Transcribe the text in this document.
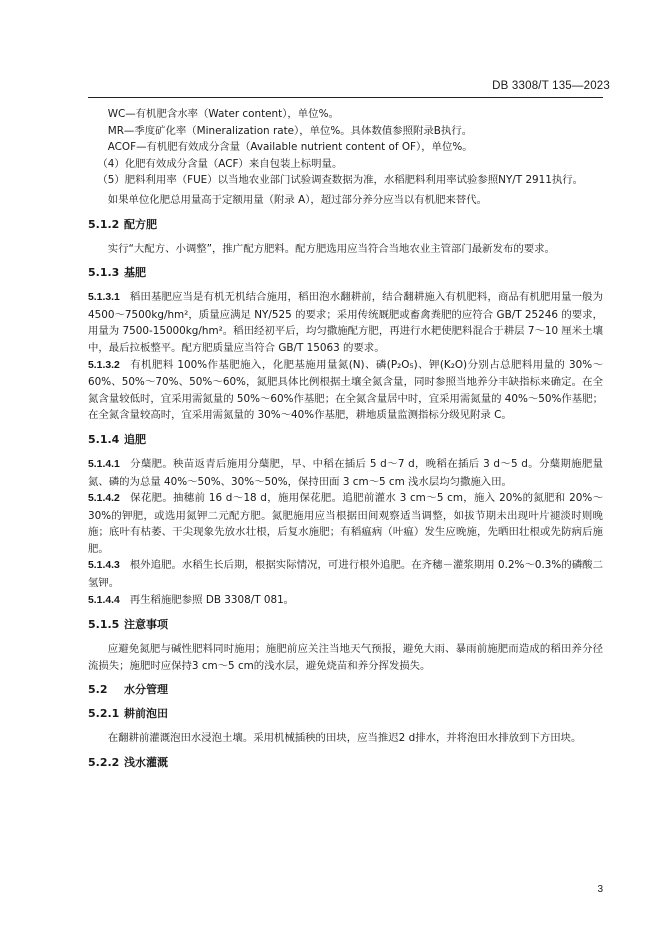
DB 3308/T 135—2023

WC—有机肥含水率（Water content），单位%。

MR—季度矿化率（Mineralization rate），单位%。具体数值参照附录B执行。

ACOF—有机肥有效成分含量（Available nutrient content of OF），单位%。

（4）化肥有效成分含量（ACF）来自包装上标明量。

（5）肥料利用率（FUE）以当地农业部门试验调查数据为准，水稻肥料利用率试验参照NY/T 2911执行。

如果单位化肥总用量高于定额用量（附录 A），超过部分养分应当以有机肥来替代。

5.1.2 配方肥

实行“大配方、小调整”，推广配方肥料。配方肥选用应当符合当地农业主管部门最新发布的要求。

5.1.3 基肥

5.1.3.1 稻田基肥应当是有机无机结合施用，稻田泡水翻耕前，结合翻耕施入有机肥料，商品有机肥用量一般为 4500～7500kg/hm²，质量应满足 NY/525 的要求；采用传统厩肥或畜禽粪肥的应符合 GB/T 25246 的要求，用量为 7500-15000kg/hm²。稻田经初平后，均匀撒施配方肥，再进行水耙使肥料混合于耕层 7～10 厘米土壤中，最后拉板整平。配方肥质量应当符合 GB/T 15063 的要求。

5.1.3.2 有机肥料 100%作基肥施入，化肥基施用量氮(N)、磷(P₂O₅)、钾(K₂O)分别占总肥料用量的 30%～60%、50%～70%、50%～60%，氮肥具体比例根据土壤全氮含量，同时参照当地养分丰缺指标来确定。在全氮含量较低时，宜采用需氮量的 50%～60%作基肥；在全氮含量居中时，宜采用需氮量的 40%～50%作基肥；在全氮含量较高时，宜采用需氮量的 30%～40%作基肥，耕地质量监测指标分级见附录 C。

5.1.4 追肥

5.1.4.1 分蘖肥。秧苗返青后施用分蘖肥，早、中稻在插后 5 d～7 d，晚稻在插后 3 d～5 d。分蘖期施肥量氮、磷的为总量 40%～50%、30%～50%，保持田面 3 cm～5 cm 浅水层均匀撒施入田。

5.1.4.2 保花肥。抽穗前 16 d～18 d，施用保花肥。追肥前灌水 3 cm～5 cm，施入 20%的氮肥和 20%～30%的钾肥，或选用氮钾二元配方肥。氮肥施用应当根据田间观察适当调整，如拔节期未出现叶片褪淡时则晚施；底叶有枯萎、干尖现象先放水壮根，后复水施肥；有稻瘟病（叶瘟）发生应晚施，先晒田壮根或先防病后施肥。

5.1.4.3 根外追肥。水稻生长后期，根据实际情况，可进行根外追肥。在齐穗－灌浆期用 0.2%～0.3%的磷酸二氢钾。

5.1.4.4 再生稻施肥参照 DB 3308/T 081。

5.1.5 注意事项

应避免氮肥与碱性肥料同时施用；施肥前应关注当地天气预报，避免大雨、暴雨前施肥而造成的稻田养分径流损失；施肥时应保持3 cm～5 cm的浅水层，避免烧苗和养分挥发损失。

5.2 水分管理
5.2.1 耕前泡田

在翻耕前灌溉泡田水浸泡土壤。采用机械插秧的田块，应当推迟2 d排水，并将泡田水排放到下方田块。

5.2.2 浅水灌溉
3
